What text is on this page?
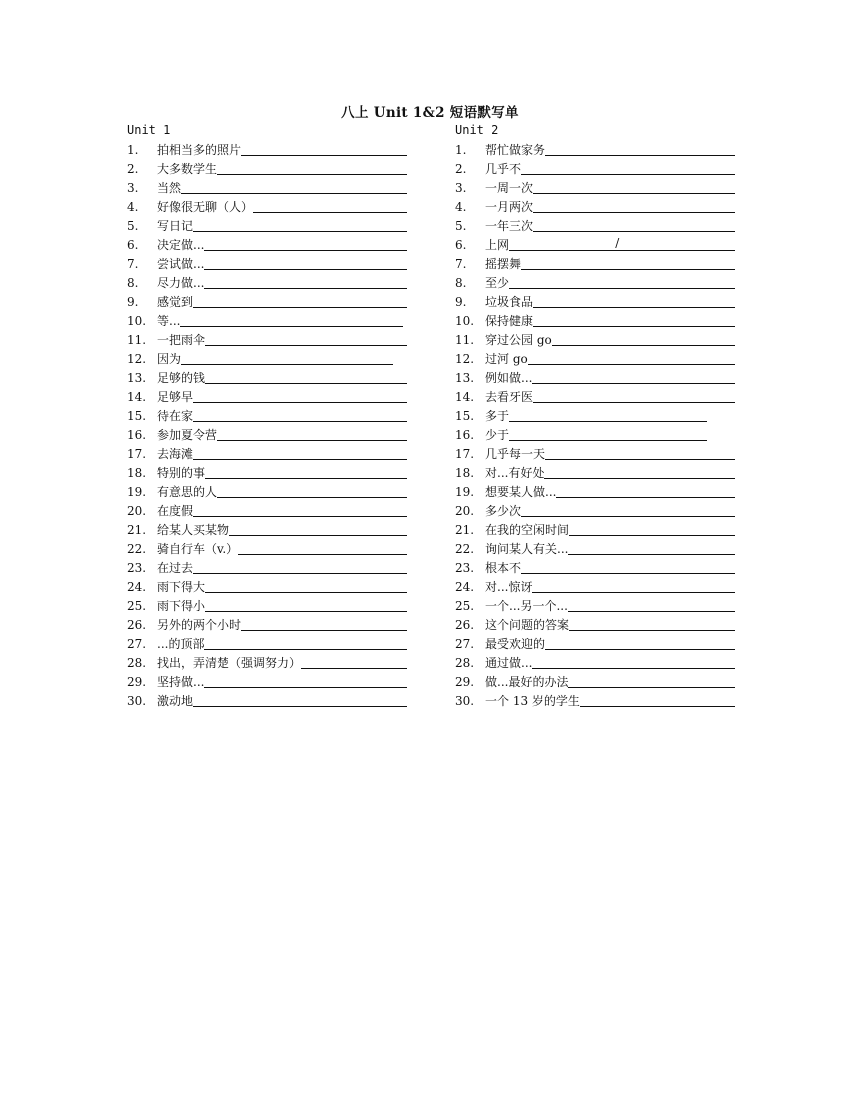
八上 Unit 1&2 短语默写单
Unit 1
1.	拍相当多的照片
2.	大多数学生
3.	当然
4.	好像很无聊（人）
5.	写日记
6.	决定做...
7.	尝试做...
8.	尽力做...
9.	感觉到
10. 等...
11. 一把雨伞
12. 因为
13. 足够的钱
14. 足够早
15. 待在家
16. 参加夏令营
17. 去海滩
18. 特别的事
19. 有意思的人
20. 在度假
21. 给某人买某物
22. 骑自行车（v.）
23. 在过去
24. 雨下得大
25. 雨下得小
26. 另外的两个小时
27. ...的顶部
28. 找出，弄清楚（强调努力）
29. 坚持做...
30. 激动地
Unit 2
1.	帮忙做家务
2.	几乎不
3.	一周一次
4.	一月两次
5.	一年三次
6.	上网	/
7.	摇摆舞
8.	至少
9.	垃圾食品
10. 保持健康
11. 穿过公园 go
12. 过河 go
13. 例如做...
14. 去看牙医
15. 多于
16. 少于
17. 几乎每一天
18. 对...有好处
19. 想要某人做...
20. 多少次
21. 在我的空闲时间
22. 询问某人有关...
23. 根本不
24. 对...惊讶
25. 一个...另一个...
26. 这个问题的答案
27. 最受欢迎的
28. 通过做...
29. 做...最好的办法
30. 一个 13 岁的学生
